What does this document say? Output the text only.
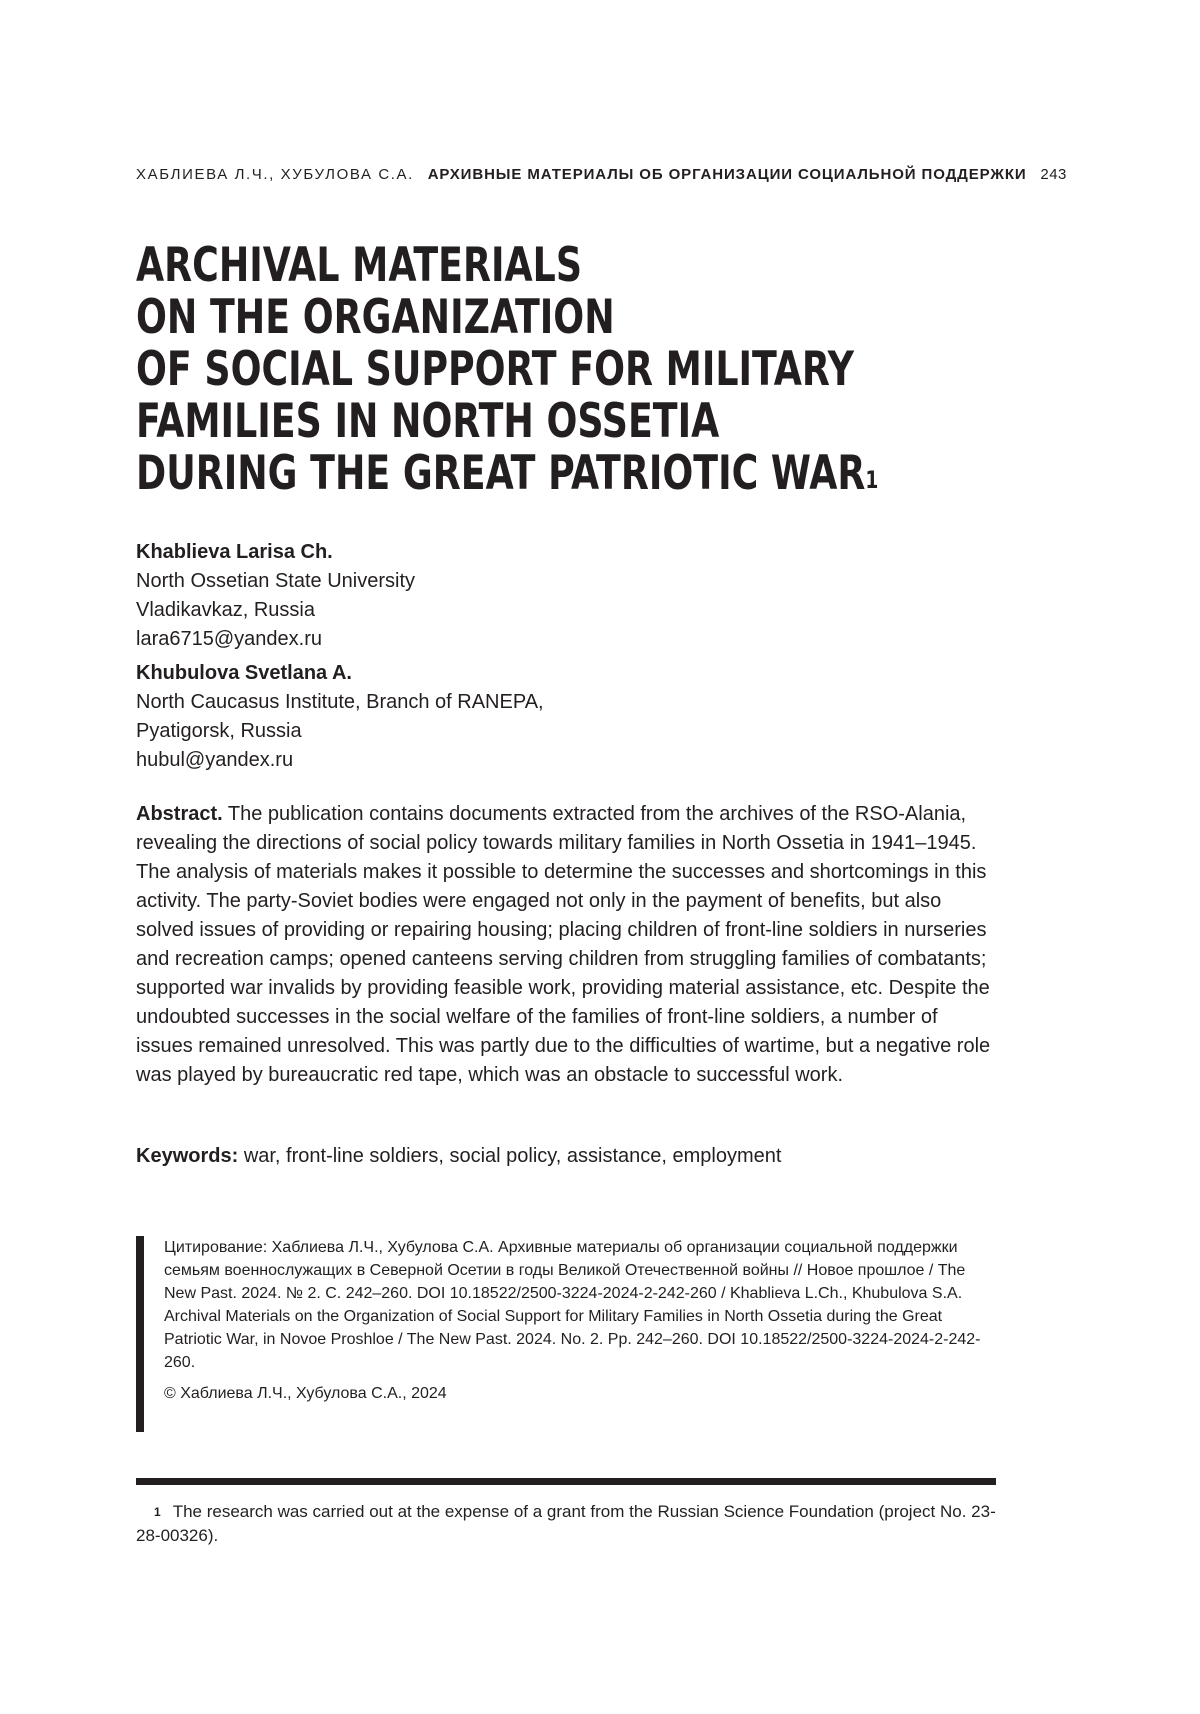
ХАБЛИЕВА Л.Ч., ХУБУЛОВА С.А. АРХИВНЫЕ МАТЕРИАЛЫ ОБ ОРГАНИЗАЦИИ СОЦИАЛЬНОЙ ПОДДЕРЖКИ 243
ARCHIVAL MATERIALS
ON THE ORGANIZATION
OF SOCIAL SUPPORT FOR MILITARY
FAMILIES IN NORTH OSSETIA
DURING THE GREAT PATRIOTIC WAR1
Khablieva Larisa Ch.
North Ossetian State University
Vladikavkaz, Russia
lara6715@yandex.ru
Khubulova Svetlana A.
North Caucasus Institute, Branch of RANEPA,
Pyatigorsk, Russia
hubul@yandex.ru

Abstract. The publication contains documents extracted from the archives of the RSO-Alania, revealing the directions of social policy towards military families in North Ossetia in 1941–1945. The analysis of materials makes it possible to determine the successes and shortcomings in this activity. The party-Soviet bodies were engaged not only in the payment of benefits, but also solved issues of providing or repairing housing; placing children of front-line soldiers in nurseries and recreation camps; opened canteens serving children from struggling families of combatants; supported war invalids by providing feasible work, providing material assistance, etc. Despite the undoubted successes in the social welfare of the families of front-line soldiers, a number of issues remained unresolved. This was partly due to the difficulties of wartime, but a negative role was played by bureaucratic red tape, which was an obstacle to successful work.

Keywords: war, front-line soldiers, social policy, assistance, employment

Цитирование: Хаблиева Л.Ч., Хубулова С.А. Архивные материалы об организации социальной поддержки семьям военнослужащих в Северной Осетии в годы Великой Отечественной войны // Новое прошлое / The New Past. 2024. № 2. С. 242–260. DOI 10.18522/2500-3224-2024-2-242-260 / Khablieva L.Ch., Khubulova S.A. Archival Materials on the Organization of Social Support for Military Families in North Ossetia during the Great Patriotic War, in Novoe Proshloe / The New Past. 2024. No. 2. Pp. 242–260. DOI 10.18522/2500-3224-2024-2-242-260.

© Хаблиева Л.Ч., Хубулова С.А., 2024

1 The research was carried out at the expense of a grant from the Russian Science Foundation (project No. 23-28-00326).
